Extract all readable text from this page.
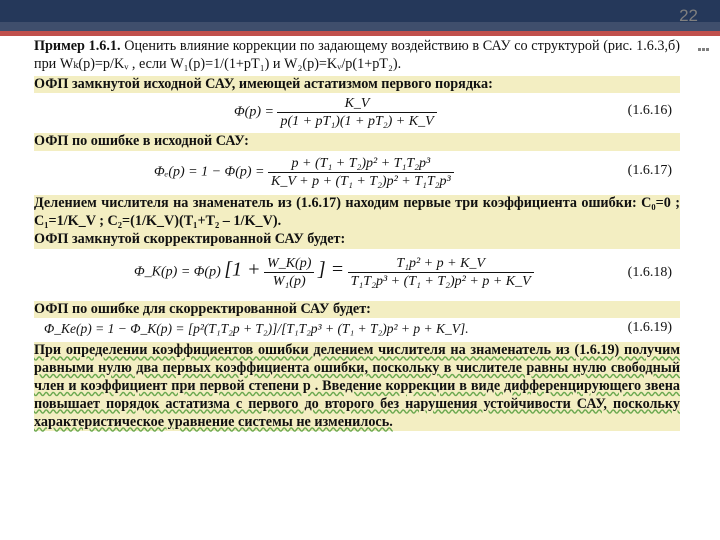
22

Пример 1.6.1. Оценить влияние коррекции по задающему воздействию в САУ со структурой (рис. 1.6.3,б) при Wₖ(p)=p/Kᵥ , если W₁(p)=1/(1+pT₁) и W₂(p)=Kᵥ/p(1+pT₂).

ОФП замкнутой исходной САУ, имеющей астатизмом первого порядка:

$\Phi(p) = \frac{K\_V}{\text{p(1 + pT₁)(1 + pT₂) + K\_V}}$	(1.6.16)

ОФП по ошибке в исходной САУ:

$\Phi_e(p) = 1 - \Phi(p) = \frac{\text{p + (T₁ + T₂)p² + T₁T₂p³}}{\text{K\_V + p + (T₁ + T₂)p² + T₁T₂p³}}$	(1.6.17)

Делением числителя на знаменатель из (1.6.17) находим первые три коэффициента ошибки: C₀=0 ; C₁=1/K_V ; C₂=(1/K_V)(T₁+T₂ – 1/K_V).

ОФП замкнутой скорректированной САУ будет:

Φ_K(p) = Φ(p) [$1 + \frac{W\_K(p)}{\text{W₁(p)}}$ ] = $\frac{\text{T₁p² + p + K\_V}}{\text{T₁T₂p³ + (T₁ + T₂)p² + p + K\_V}}$	(1.6.18)

ОФП по ошибке для скорректированной САУ будет:

Φ_Ke(p) = 1 − Φ_K(p) = [p²(T₁T₂p + T₂)]/[T₁T₂p³ + (T₁ + T₂)p² + p + K_V].	(1.6.19)

При определении коэффициентов ошибки делением числителя на знаменатель из (1.6.19) получим равными нулю два первых коэффициента ошибки, поскольку в числителе равны нулю свободный член и коэффициент при первой степени p . Введение коррекции в виде дифференцирующего звена повышает порядок астатизма с первого до второго без нарушения устойчивости САУ, поскольку характеристическое уравнение системы не изменилось.
